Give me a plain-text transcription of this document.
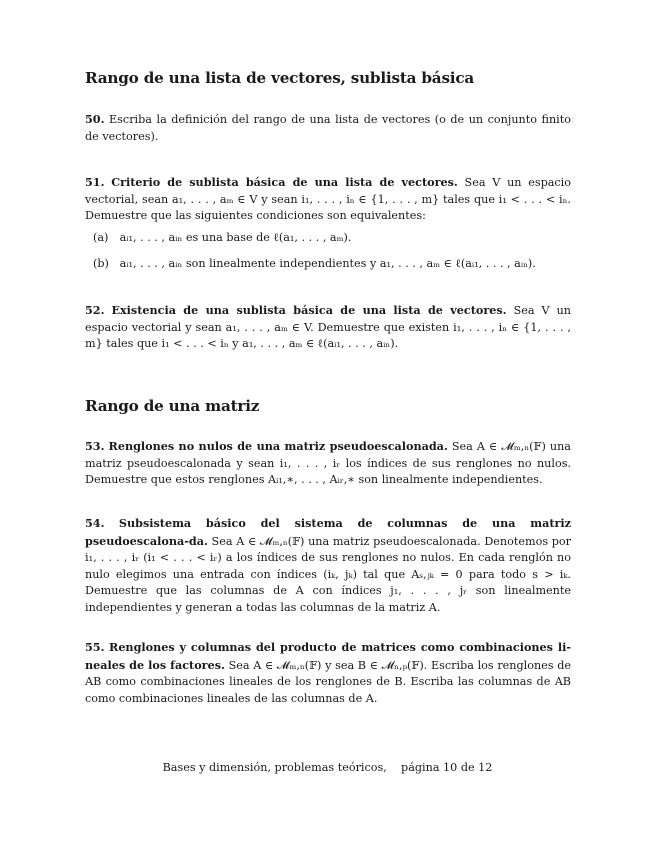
Rango de una lista de vectores, sublista básica

50. Escriba la definición del rango de una lista de vectores (o de un conjunto finito de vectores).

51. Criterio de sublista básica de una lista de vectores. Sea V un espacio vectorial, sean a₁, . . . , aₘ ∈ V y sean i₁, . . . , iₙ ∈ {1, . . . , m} tales que i₁ < . . . < iₙ. Demuestre que las siguientes condiciones son equivalentes:

(a) aᵢ₁, . . . , aᵢₙ es una base de ℓ(a₁, . . . , aₘ).

(b) aᵢ₁, . . . , aᵢₙ son linealmente independientes y a₁, . . . , aₘ ∈ ℓ(aᵢ₁, . . . , aᵢₙ).

52. Existencia de una sublista básica de una lista de vectores. Sea V un espacio vectorial y sean a₁, . . . , aₘ ∈ V. Demuestre que existen i₁, . . . , iₙ ∈ {1, . . . , m} tales que i₁ < . . . < iₙ y a₁, . . . , aₘ ∈ ℓ(aᵢ₁, . . . , aᵢₙ).

Rango de una matriz

53. Renglones no nulos de una matriz pseudoescalonada. Sea A ∈ 𝓜ₘ,ₙ(𝔽) una matriz pseudoescalonada y sean i₁, . . . , iᵣ los índices de sus renglones no nulos. Demuestre que estos renglones Aᵢ₁,∗, . . . , Aᵢᵣ,∗ son linealmente independientes.

54. Subsistema básico del sistema de columnas de una matriz pseudoescalona-da. Sea A ∈ 𝓜ₘ,ₙ(𝔽) una matriz pseudoescalonada. Denotemos por i₁, . . . , iᵣ (i₁ < . . . < iᵣ) a los índices de sus renglones no nulos. En cada renglón no nulo elegimos una entrada con índices (iₖ, jₖ) tal que Aₛ,ⱼₖ = 0 para todo s > iₖ. Demuestre que las columnas de A con índices j₁, . . . , jᵣ son linealmente independientes y generan a todas las columnas de la matriz A.

55. Renglones y columnas del producto de matrices como combinaciones li-neales de los factores. Sea A ∈ 𝓜ₘ,ₙ(𝔽) y sea B ∈ 𝓜ₙ,ₚ(𝔽). Escriba los renglones de AB como combinaciones lineales de los renglones de B. Escriba las columnas de AB como combinaciones lineales de las columnas de A.

Bases y dimensión, problemas teóricos, página 10 de 12
